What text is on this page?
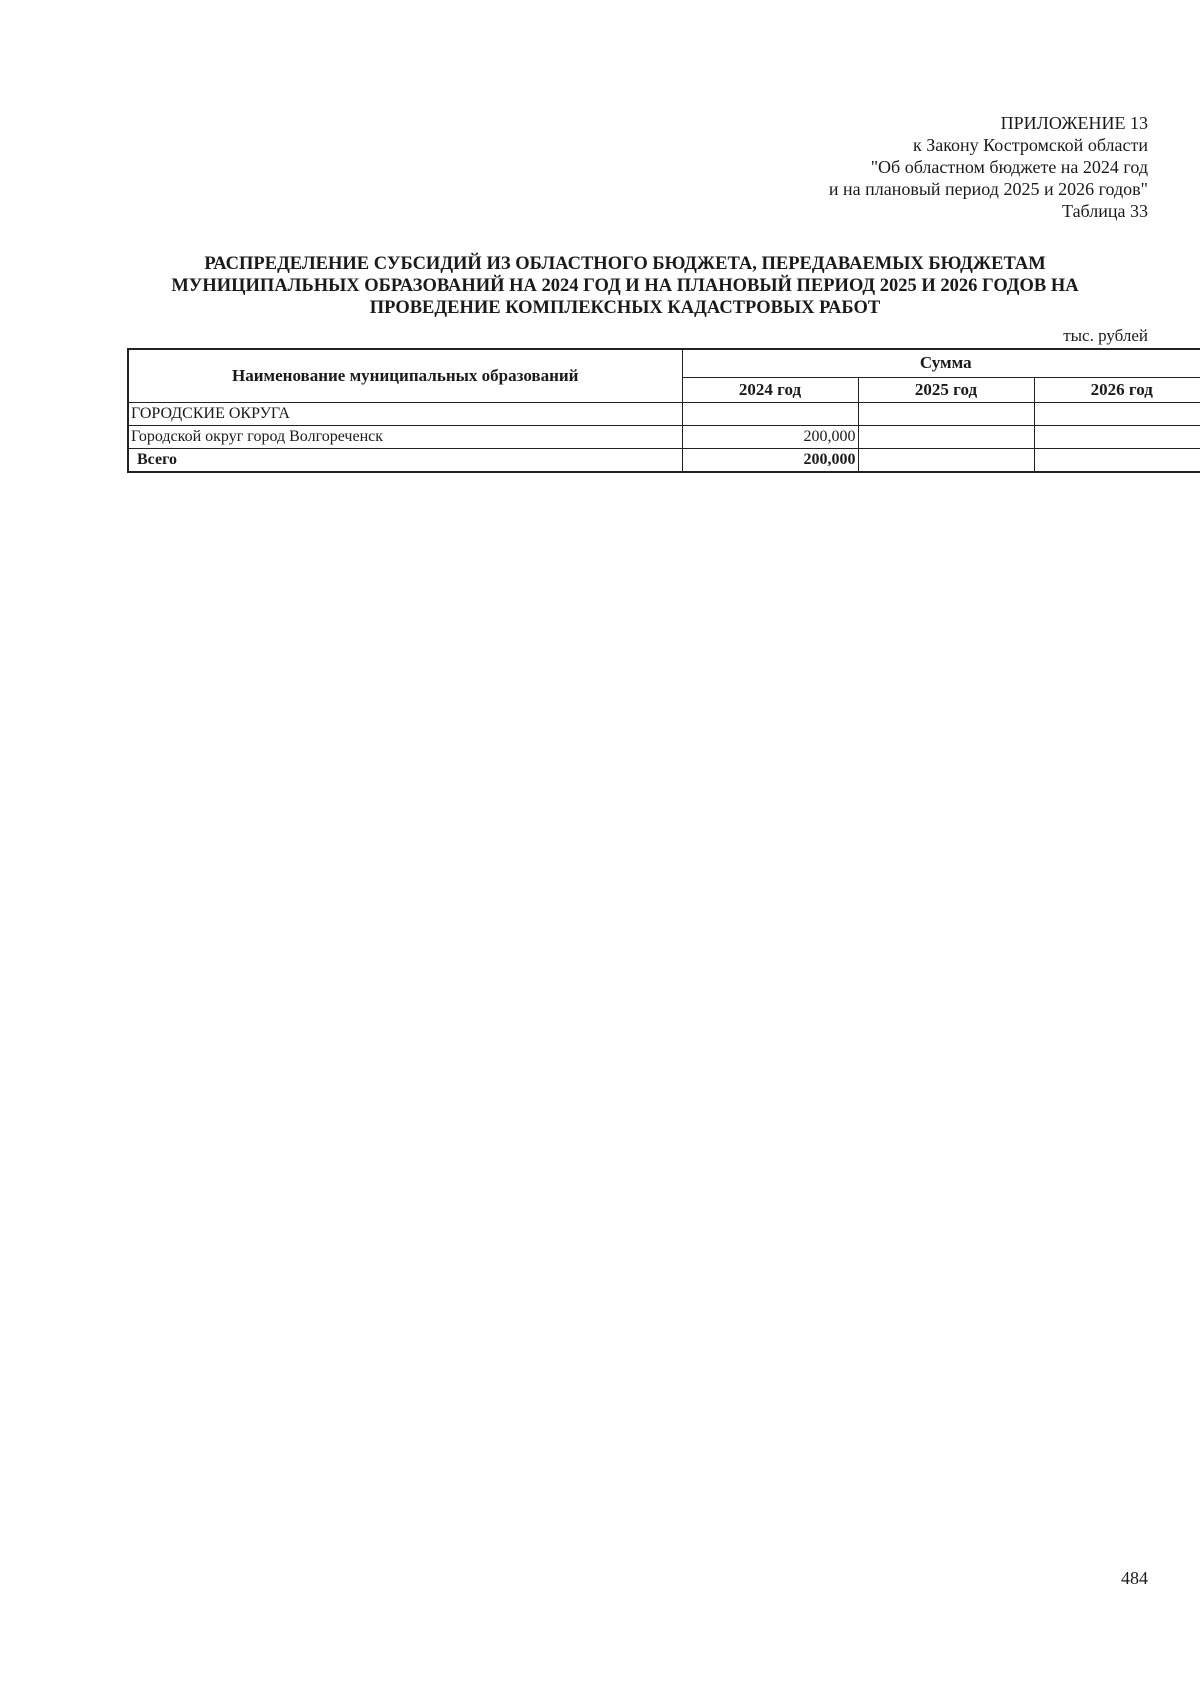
ПРИЛОЖЕНИЕ 13
к Закону Костромской области
"Об областном бюджете на 2024 год
и на плановый период 2025 и 2026 годов"
Таблица 33
РАСПРЕДЕЛЕНИЕ СУБСИДИЙ ИЗ ОБЛАСТНОГО БЮДЖЕТА, ПЕРЕДАВАЕМЫХ БЮДЖЕТАМ
МУНИЦИПАЛЬНЫХ ОБРАЗОВАНИЙ НА 2024 ГОД И НА ПЛАНОВЫЙ ПЕРИОД 2025 И 2026 ГОДОВ НА
ПРОВЕДЕНИЕ КОМПЛЕКСНЫХ КАДАСТРОВЫХ РАБОТ
тыс. рублей
Наименование муниципальных образований	Сумма		
	2024 год	2025 год	2026 год
ГОРОДСКИЕ ОКРУГА			
Городской округ город Волгореченск	200,000		
Всего	200,000		
484
